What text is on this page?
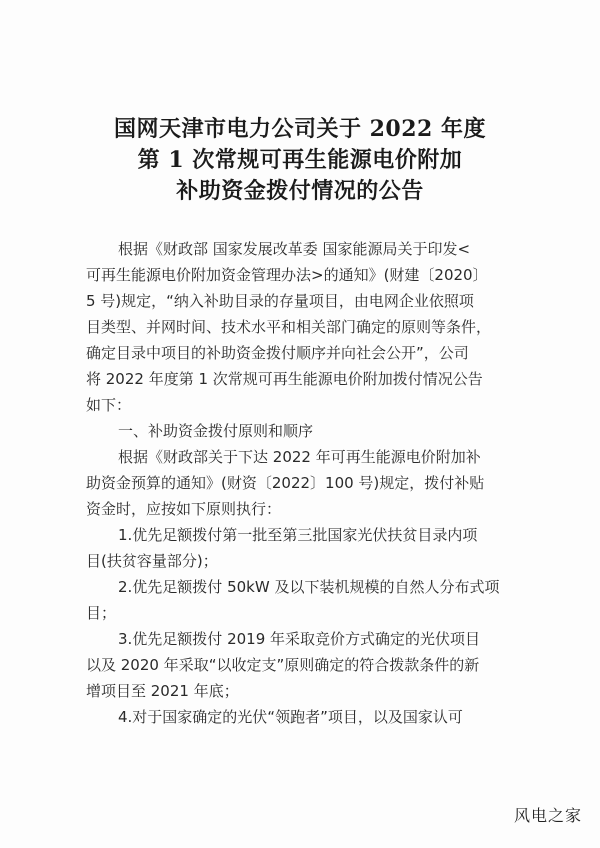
国网天津市电力公司关于 2022 年度
第 1 次常规可再生能源电价附加
补助资金拨付情况的公告
根据《财政部 国家发展改革委 国家能源局关于印发<
可再生能源电价附加资金管理办法>的通知》(财建〔2020〕
5 号)规定，“纳入补助目录的存量项目，由电网企业依照项
目类型、并网时间、技术水平和相关部门确定的原则等条件，
确定目录中项目的补助资金拨付顺序并向社会公开”，公司
将 2022 年度第 1 次常规可再生能源电价附加拨付情况公告
如下：
一、补助资金拨付原则和顺序
根据《财政部关于下达 2022 年可再生能源电价附加补
助资金预算的通知》(财资〔2022〕100 号)规定，拨付补贴
资金时，应按如下原则执行：
1.优先足额拨付第一批至第三批国家光伏扶贫目录内项
目(扶贫容量部分)；
2.优先足额拨付 50kW 及以下装机规模的自然人分布式项
目；
3.优先足额拨付 2019 年采取竞价方式确定的光伏项目
以及 2020 年采取“以收定支”原则确定的符合拨款条件的新
增项目至 2021 年底；
4.对于国家确定的光伏“领跑者”项目，以及国家认可
风电之家
